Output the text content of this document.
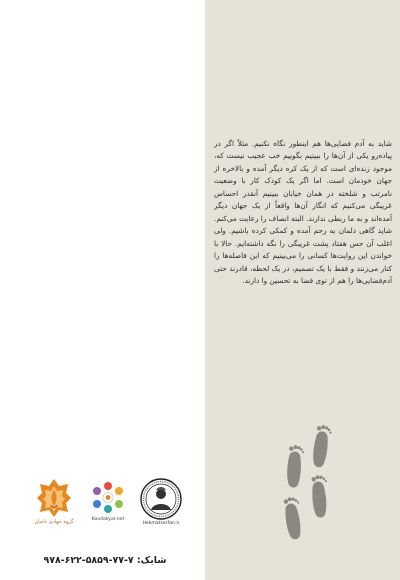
شاید به آدم فضایی‌ها هم اینطور نگاه نکنیم. مثلاً اگر در پیاده‌رو یکی از آن‌ها را ببینیم بگوییم خب عجیب نیست که، موجود زنده‌ای است که از یک کره دیگر آمده و بالاخره از جهان خودمان است. اما اگر یک کودک کار با وضعیت نامرتب و شلخته در همان خیابان ببینیم آنقدر احساس غریبگی می‌کنیم که انگار آن‌ها واقعاً از یک جهان دیگر آمده‌اند و به ما ربطی ندارند. البته انصاف را رعایت می‌کنم. شاید گاهی دلمان به رحم آمده و کمکی کرده باشیم. ولی اغلب آن حس هفتاد پشت غریبگی را نگه داشته‌ایم. حالا با خواندن این روایت‌ها کسانی را می‌بینیم که این فاصله‌ها را کنار می‌زنند و فقط با یک تصمیم، در یک لحظه، قادرند حتی آدم‌فضایی‌ها را هم از توی فضا به تحسین وا دارند.
گروه جهادی ناجیان	Koodakyar.net
Hekmatserfan.ir
شابک: ۷-۷۷-۵۸۵۹-۶۲۲-۹۷۸
